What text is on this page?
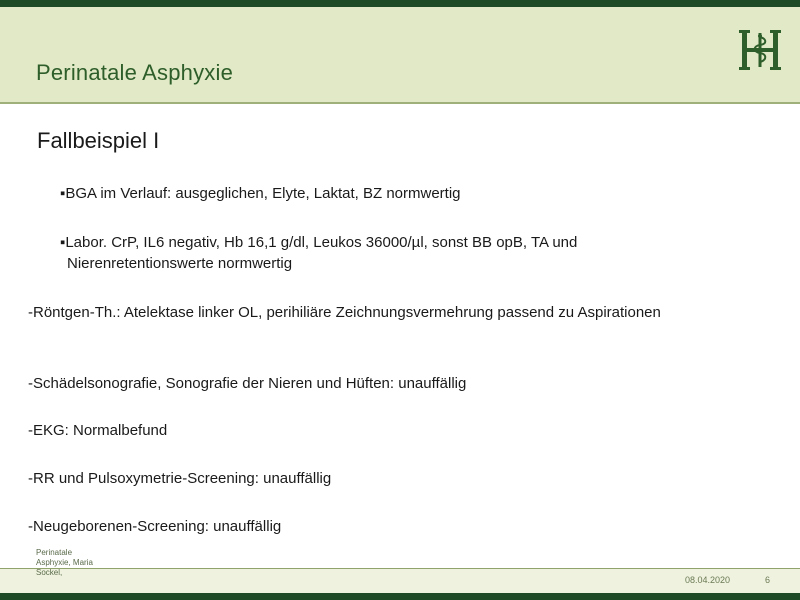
Perinatale Asphyxie
Fallbeispiel I
▪BGA im Verlauf: ausgeglichen, Elyte, Laktat, BZ normwertig
▪Labor. CrP, IL6 negativ, Hb 16,1 g/dl, Leukos 36000/µl, sonst BB opB, TA und Nierenretentionswerte normwertig
-Röntgen-Th.: Atelektase linker OL, perihiliäre Zeichnungsvermehrung passend zu Aspirationen
-Schädelsonografie, Sonografie der Nieren und Hüften: unauffällig
-EKG: Normalbefund
-RR und Pulsoxymetrie-Screening: unauffällig
-Neugeborenen-Screening: unauffällig
Perinatale Asphyxie, Maria Sockel,
08.04.2020	6
